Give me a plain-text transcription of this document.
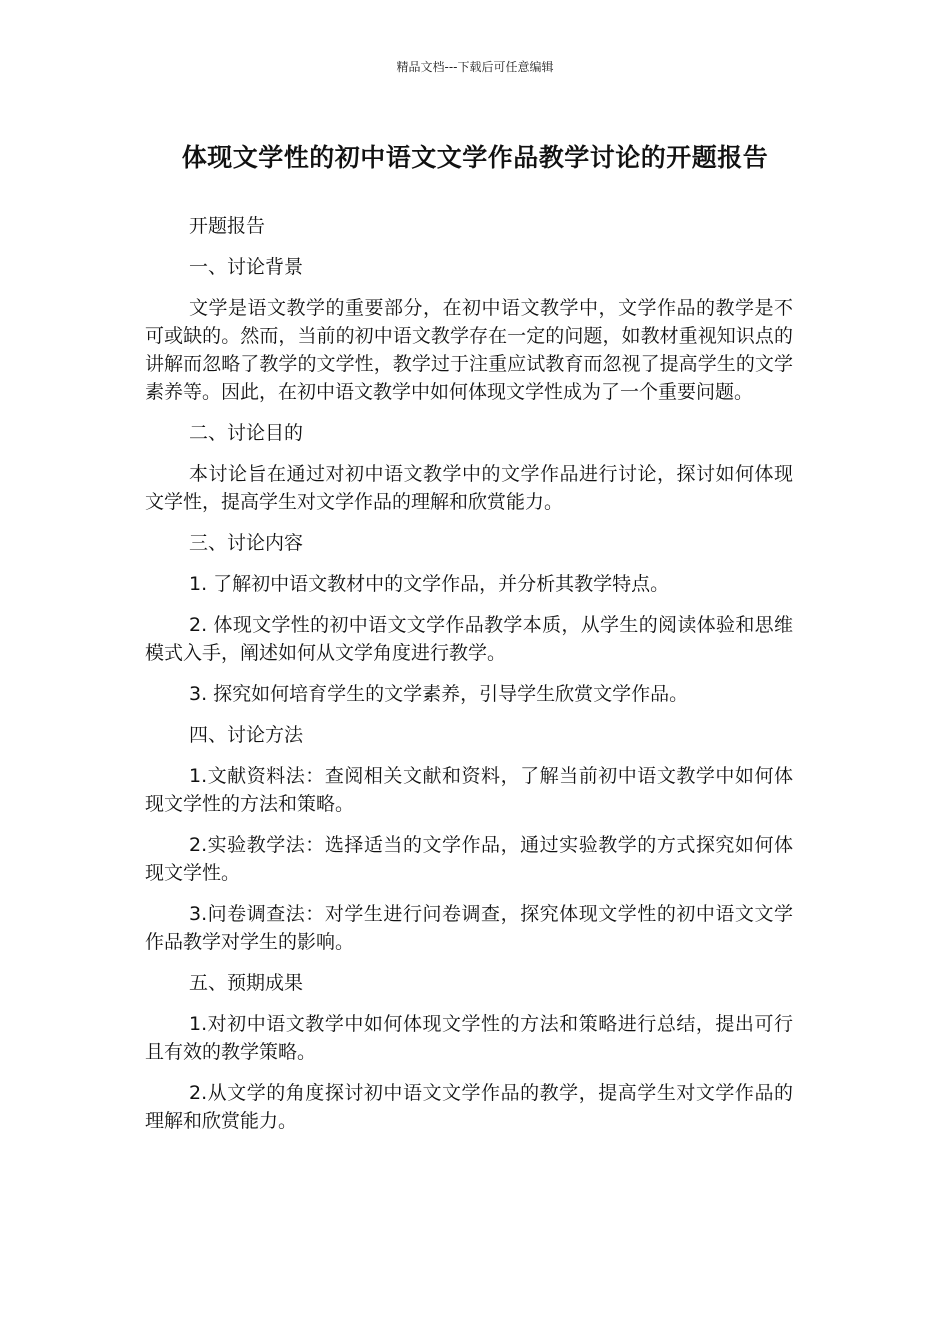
精品文档---下载后可任意编辑
体现文学性的初中语文文学作品教学讨论的开题报告

开题报告

一、讨论背景

文学是语文教学的重要部分，在初中语文教学中，文学作品的教学是不可或缺的。然而，当前的初中语文教学存在一定的问题，如教材重视知识点的讲解而忽略了教学的文学性，教学过于注重应试教育而忽视了提高学生的文学素养等。因此，在初中语文教学中如何体现文学性成为了一个重要问题。

二、讨论目的

本讨论旨在通过对初中语文教学中的文学作品进行讨论，探讨如何体现文学性，提高学生对文学作品的理解和欣赏能力。

三、讨论内容

1. 了解初中语文教材中的文学作品，并分析其教学特点。

2. 体现文学性的初中语文文学作品教学本质，从学生的阅读体验和思维模式入手，阐述如何从文学角度进行教学。

3. 探究如何培育学生的文学素养，引导学生欣赏文学作品。

四、讨论方法

1.文献资料法：查阅相关文献和资料，了解当前初中语文教学中如何体现文学性的方法和策略。

2.实验教学法：选择适当的文学作品，通过实验教学的方式探究如何体现文学性。

3.问卷调查法：对学生进行问卷调查，探究体现文学性的初中语文文学作品教学对学生的影响。

五、预期成果

1.对初中语文教学中如何体现文学性的方法和策略进行总结，提出可行且有效的教学策略。

2.从文学的角度探讨初中语文文学作品的教学，提高学生对文学作品的理解和欣赏能力。
